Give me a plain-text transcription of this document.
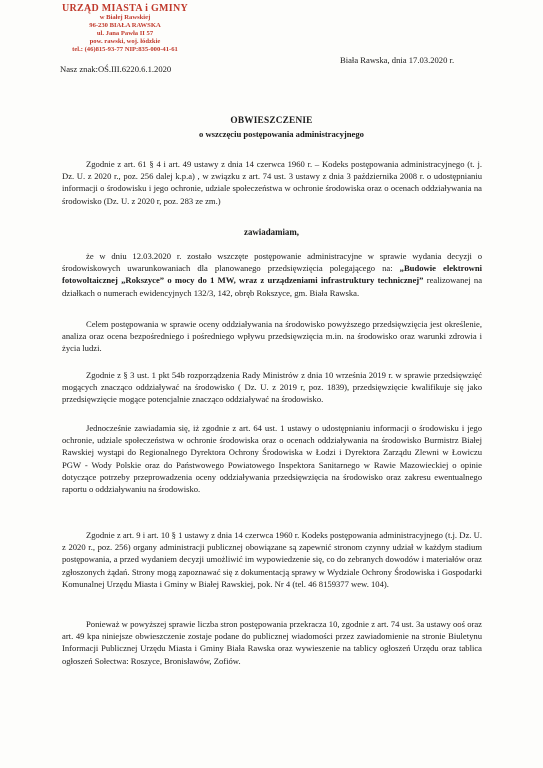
URZĄD MIASTA i GMINY
w Białej Rawskiej
96-230 BIAŁA RAWSKA
ul. Jana Pawła II 57
pow. rawski, woj. łódzkie
tel.: (46)815-93-77 NIP:835-000-41-61
Nasz znak:OŚ.III.6220.6.1.2020
Biała Rawska, dnia 17.03.2020 r.

OBWIESZCZENIE
o wszczęciu postępowania administracyjnego

Zgodnie z art. 61 § 4 i art. 49 ustawy z dnia 14 czerwca 1960 r. – Kodeks postępowania administracyjnego (t. j. Dz. U. z 2020 r., poz. 256 dalej k.p.a) , w związku z art. 74 ust. 3 ustawy z dnia 3 października 2008 r. o udostępnianiu informacji o środowisku i jego ochronie, udziale społeczeństwa w ochronie środowiska oraz o ocenach oddziaływania na środowisko (Dz. U. z 2020 r, poz. 283 ze zm.)

zawiadamiam,

że w dniu 12.03.2020 r. zostało wszczęte postępowanie administracyjne w sprawie wydania decyzji o środowiskowych uwarunkowaniach dla planowanego przedsięwzięcia polegającego na: „Budowie elektrowni fotowoltaicznej „Rokszyce” o mocy do 1 MW, wraz z urządzeniami infrastruktury technicznej” realizowanej na działkach o numerach ewidencyjnych 132/3, 142, obręb Rokszyce, gm. Biała Rawska.

Celem postępowania w sprawie oceny oddziaływania na środowisko powyższego przedsięwzięcia jest określenie, analiza oraz ocena bezpośredniego i pośredniego wpływu przedsięwzięcia m.in. na środowisko oraz warunki zdrowia i życia ludzi.

Zgodnie z § 3 ust. 1 pkt 54b rozporządzenia Rady Ministrów z dnia 10 września 2019 r. w sprawie przedsięwzięć mogących znacząco oddziaływać na środowisko ( Dz. U. z 2019 r, poz. 1839), przedsięwzięcie kwalifikuje się jako przedsięwzięcie mogące potencjalnie znacząco oddziaływać na środowisko.

Jednocześnie zawiadamia się, iż zgodnie z art. 64 ust. 1 ustawy o udostępnianiu informacji o środowisku i jego ochronie, udziale społeczeństwa w ochronie środowiska oraz o ocenach oddziaływania na środowisko Burmistrz Białej Rawskiej wystąpi do Regionalnego Dyrektora Ochrony Środowiska w Łodzi i Dyrektora Zarządu Zlewni w Łowiczu PGW - Wody Polskie oraz do Państwowego Powiatowego Inspektora Sanitarnego w Rawie Mazowieckiej o opinie dotyczące potrzeby przeprowadzenia oceny oddziaływania przedsięwzięcia na środowisko oraz zakresu ewentualnego raportu o oddziaływaniu na środowisko.

Zgodnie z art. 9 i art. 10 § 1 ustawy z dnia 14 czerwca 1960 r. Kodeks postępowania administracyjnego (t.j. Dz. U. z 2020 r., poz. 256) organy administracji publicznej obowiązane są zapewnić stronom czynny udział w każdym stadium postępowania, a przed wydaniem decyzji umożliwić im wypowiedzenie się, co do zebranych dowodów i materiałów oraz zgłoszonych żądań. Strony mogą zapoznawać się z dokumentacją sprawy w Wydziale Ochrony Środowiska i Gospodarki Komunalnej Urzędu Miasta i Gminy w Białej Rawskiej, pok. Nr 4 (tel. 46 8159377 wew. 104).

Ponieważ w powyższej sprawie liczba stron postępowania przekracza 10, zgodnie z art. 74 ust. 3a ustawy ooś oraz art. 49 kpa niniejsze obwieszczenie zostaje podane do publicznej wiadomości przez zawiadomienie na stronie Biuletynu Informacji Publicznej Urzędu Miasta i Gminy Biała Rawska oraz wywieszenie na tablicy ogłoszeń Urzędu oraz tablica ogłoszeń Sołectwa: Roszyce, Bronisławów, Zofiów.
